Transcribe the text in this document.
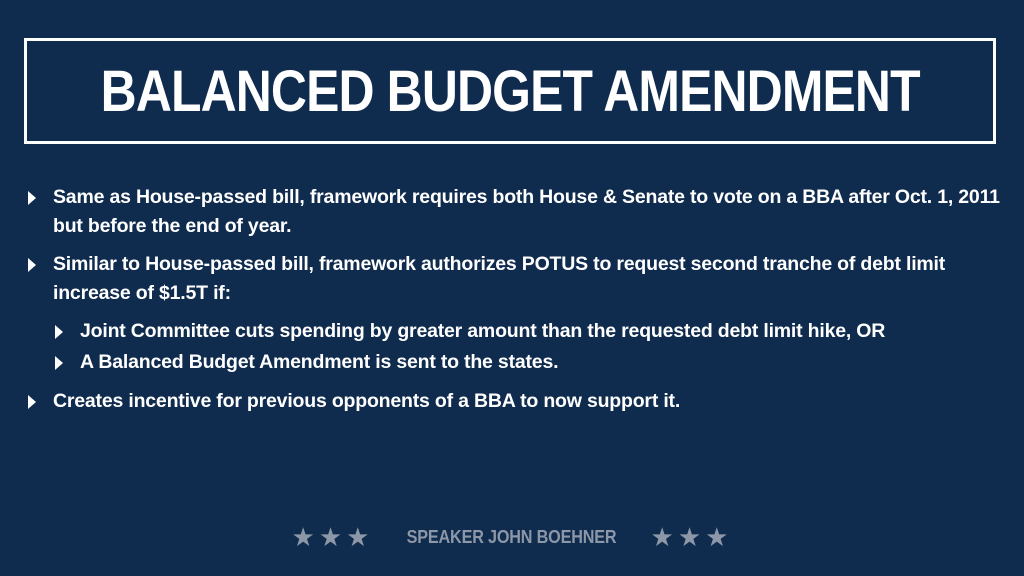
BALANCED BUDGET AMENDMENT
Same as House-passed bill, framework requires both House & Senate to vote on a BBA after Oct. 1, 2011 but before the end of year.
Similar to House-passed bill, framework authorizes POTUS to request second tranche of debt limit increase of $1.5T if:
Joint Committee cuts spending by greater amount than the requested debt limit hike, OR
A Balanced Budget Amendment is sent to the states.
Creates incentive for previous opponents of a BBA to now support it.
★★★ SPEAKER JOHN BOEHNER ★★★
